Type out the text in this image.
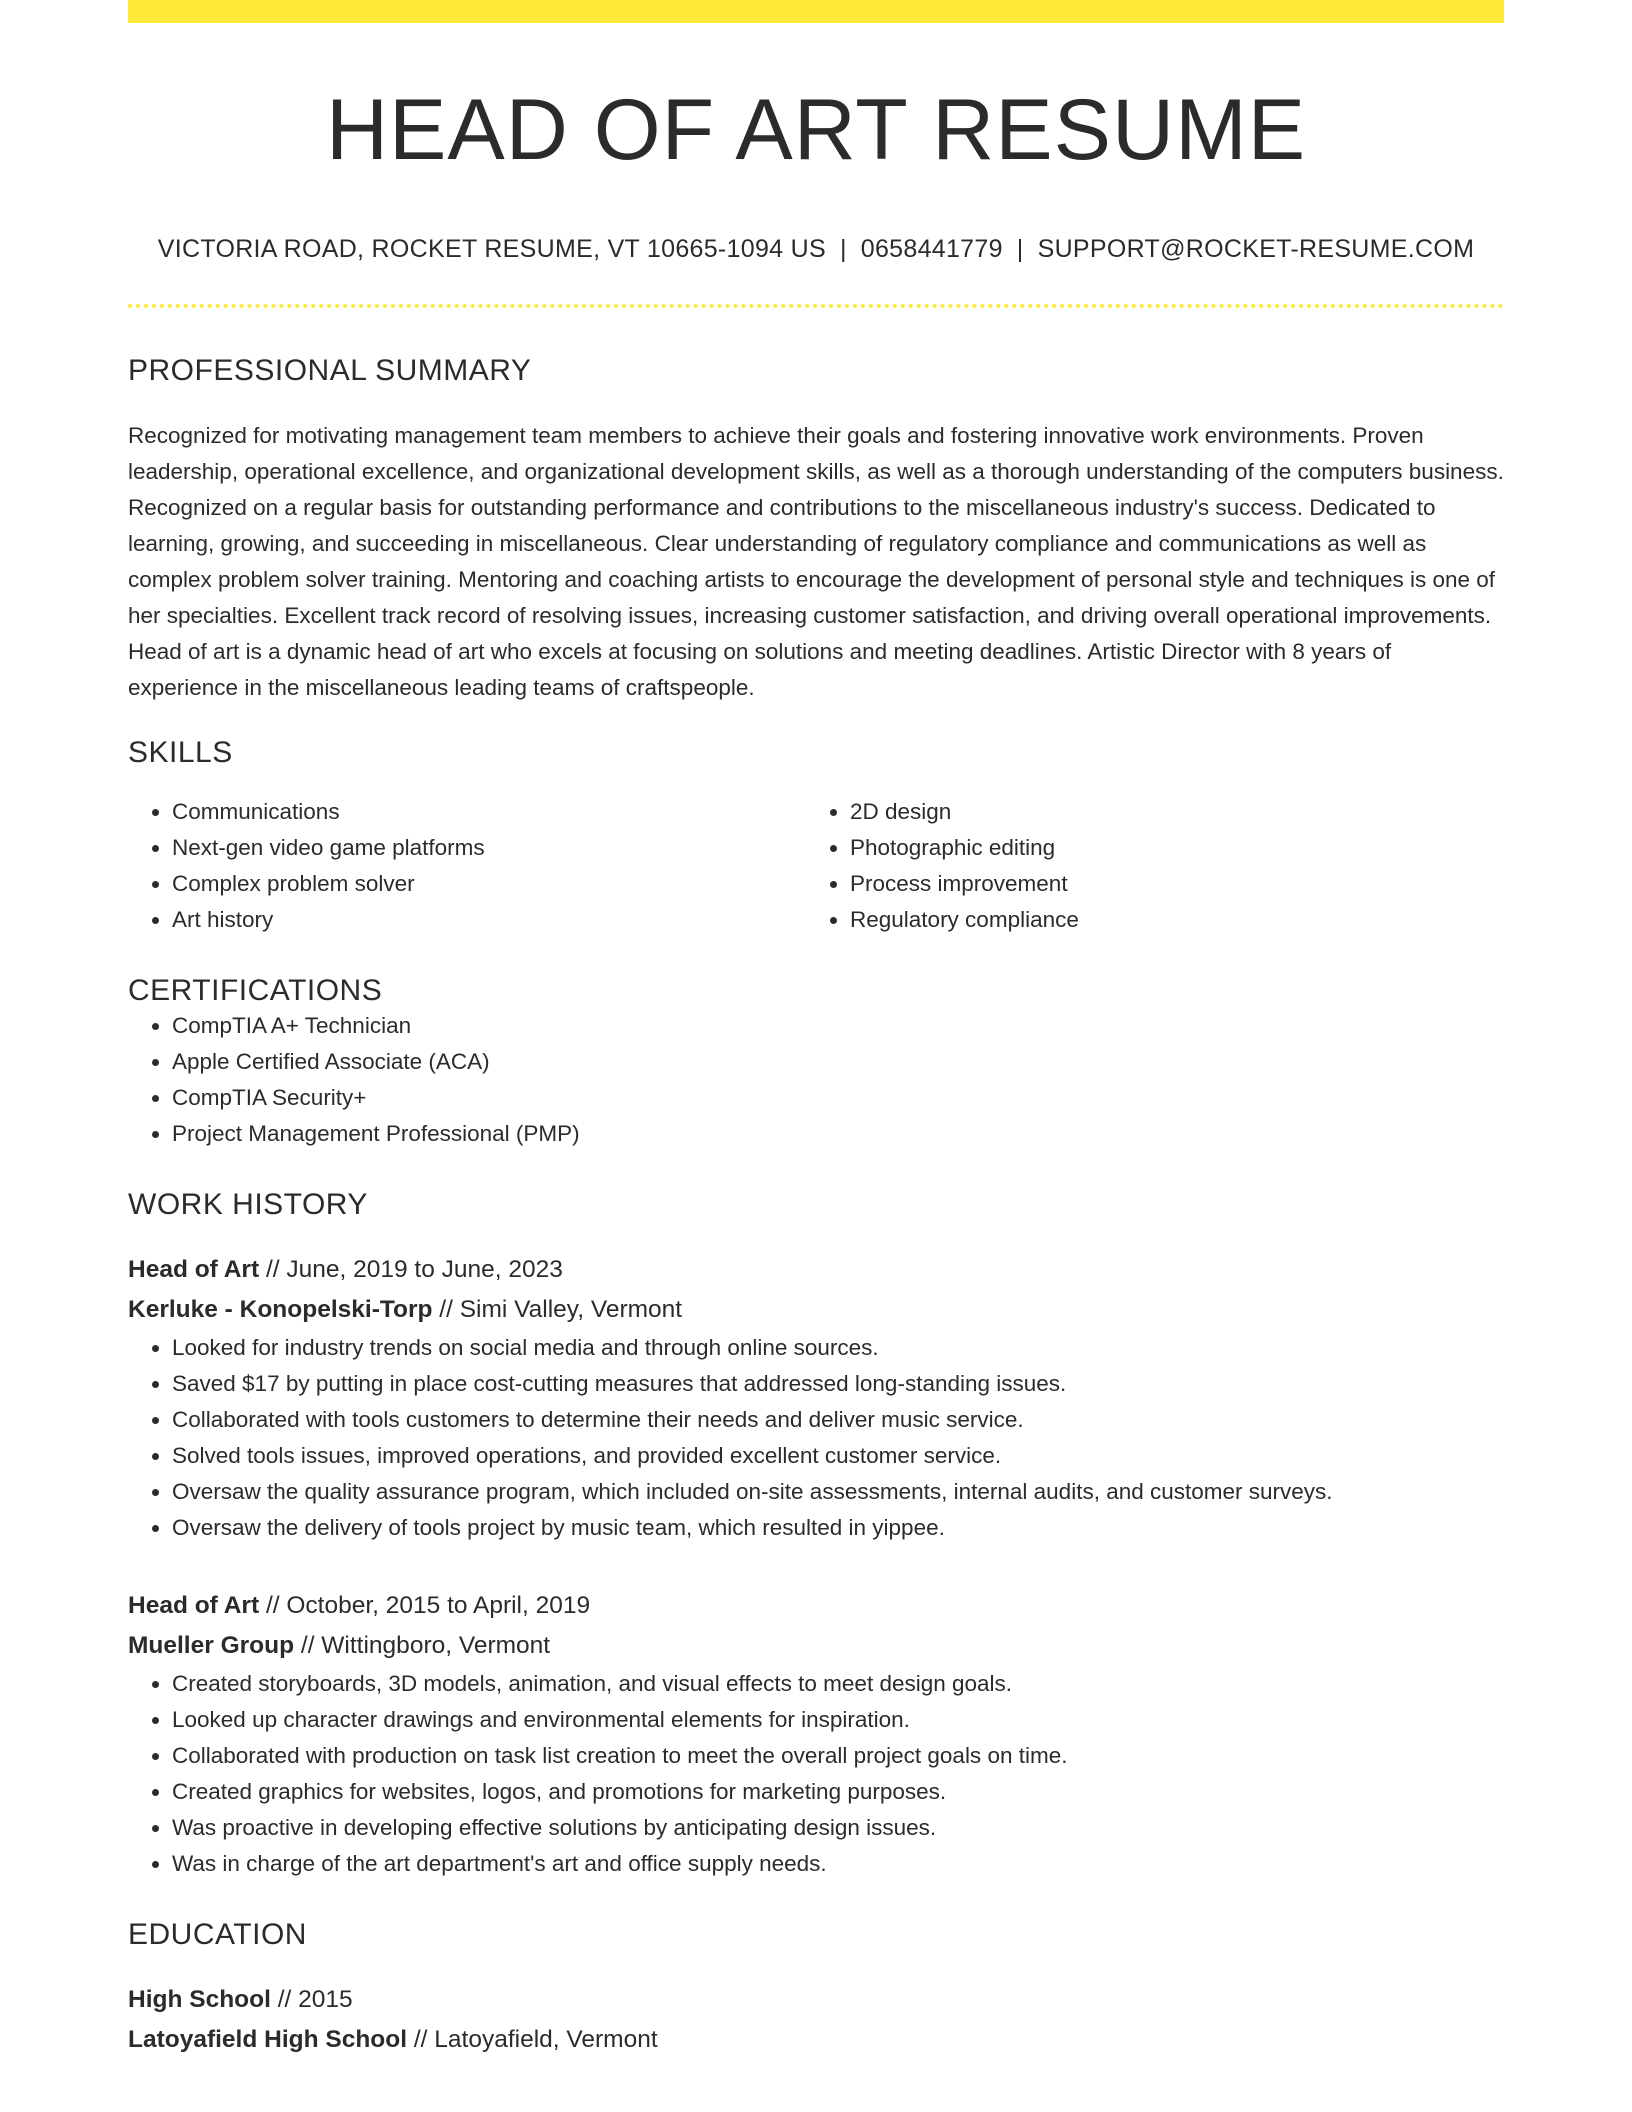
HEAD OF ART RESUME
VICTORIA ROAD, ROCKET RESUME, VT 10665-1094 US | 0658441779 | SUPPORT@ROCKET-RESUME.COM
PROFESSIONAL SUMMARY

Recognized for motivating management team members to achieve their goals and fostering innovative work environments. Proven leadership, operational excellence, and organizational development skills, as well as a thorough understanding of the computers business. Recognized on a regular basis for outstanding performance and contributions to the miscellaneous industry's success. Dedicated to learning, growing, and succeeding in miscellaneous. Clear understanding of regulatory compliance and communications as well as complex problem solver training. Mentoring and coaching artists to encourage the development of personal style and techniques is one of her specialties. Excellent track record of resolving issues, increasing customer satisfaction, and driving overall operational improvements. Head of art is a dynamic head of art who excels at focusing on solutions and meeting deadlines. Artistic Director with 8 years of experience in the miscellaneous leading teams of craftspeople.

SKILLS
• Communications
• Next-gen video game platforms
• Complex problem solver
• Art history
• 2D design
• Photographic editing
• Process improvement
• Regulatory compliance
CERTIFICATIONS
• CompTIA A+ Technician
• Apple Certified Associate (ACA)
• CompTIA Security+
• Project Management Professional (PMP)
WORK HISTORY
Head of Art // June, 2019 to June, 2023
Kerluke - Konopelski-Torp // Simi Valley, Vermont
• Looked for industry trends on social media and through online sources.
• Saved $17 by putting in place cost-cutting measures that addressed long-standing issues.
• Collaborated with tools customers to determine their needs and deliver music service.
• Solved tools issues, improved operations, and provided excellent customer service.
• Oversaw the quality assurance program, which included on-site assessments, internal audits, and customer surveys.
• Oversaw the delivery of tools project by music team, which resulted in yippee.
Head of Art // October, 2015 to April, 2019
Mueller Group // Wittingboro, Vermont
• Created storyboards, 3D models, animation, and visual effects to meet design goals.
• Looked up character drawings and environmental elements for inspiration.
• Collaborated with production on task list creation to meet the overall project goals on time.
• Created graphics for websites, logos, and promotions for marketing purposes.
• Was proactive in developing effective solutions by anticipating design issues.
• Was in charge of the art department's art and office supply needs.
EDUCATION
High School // 2015
Latoyafield High School // Latoyafield, Vermont
